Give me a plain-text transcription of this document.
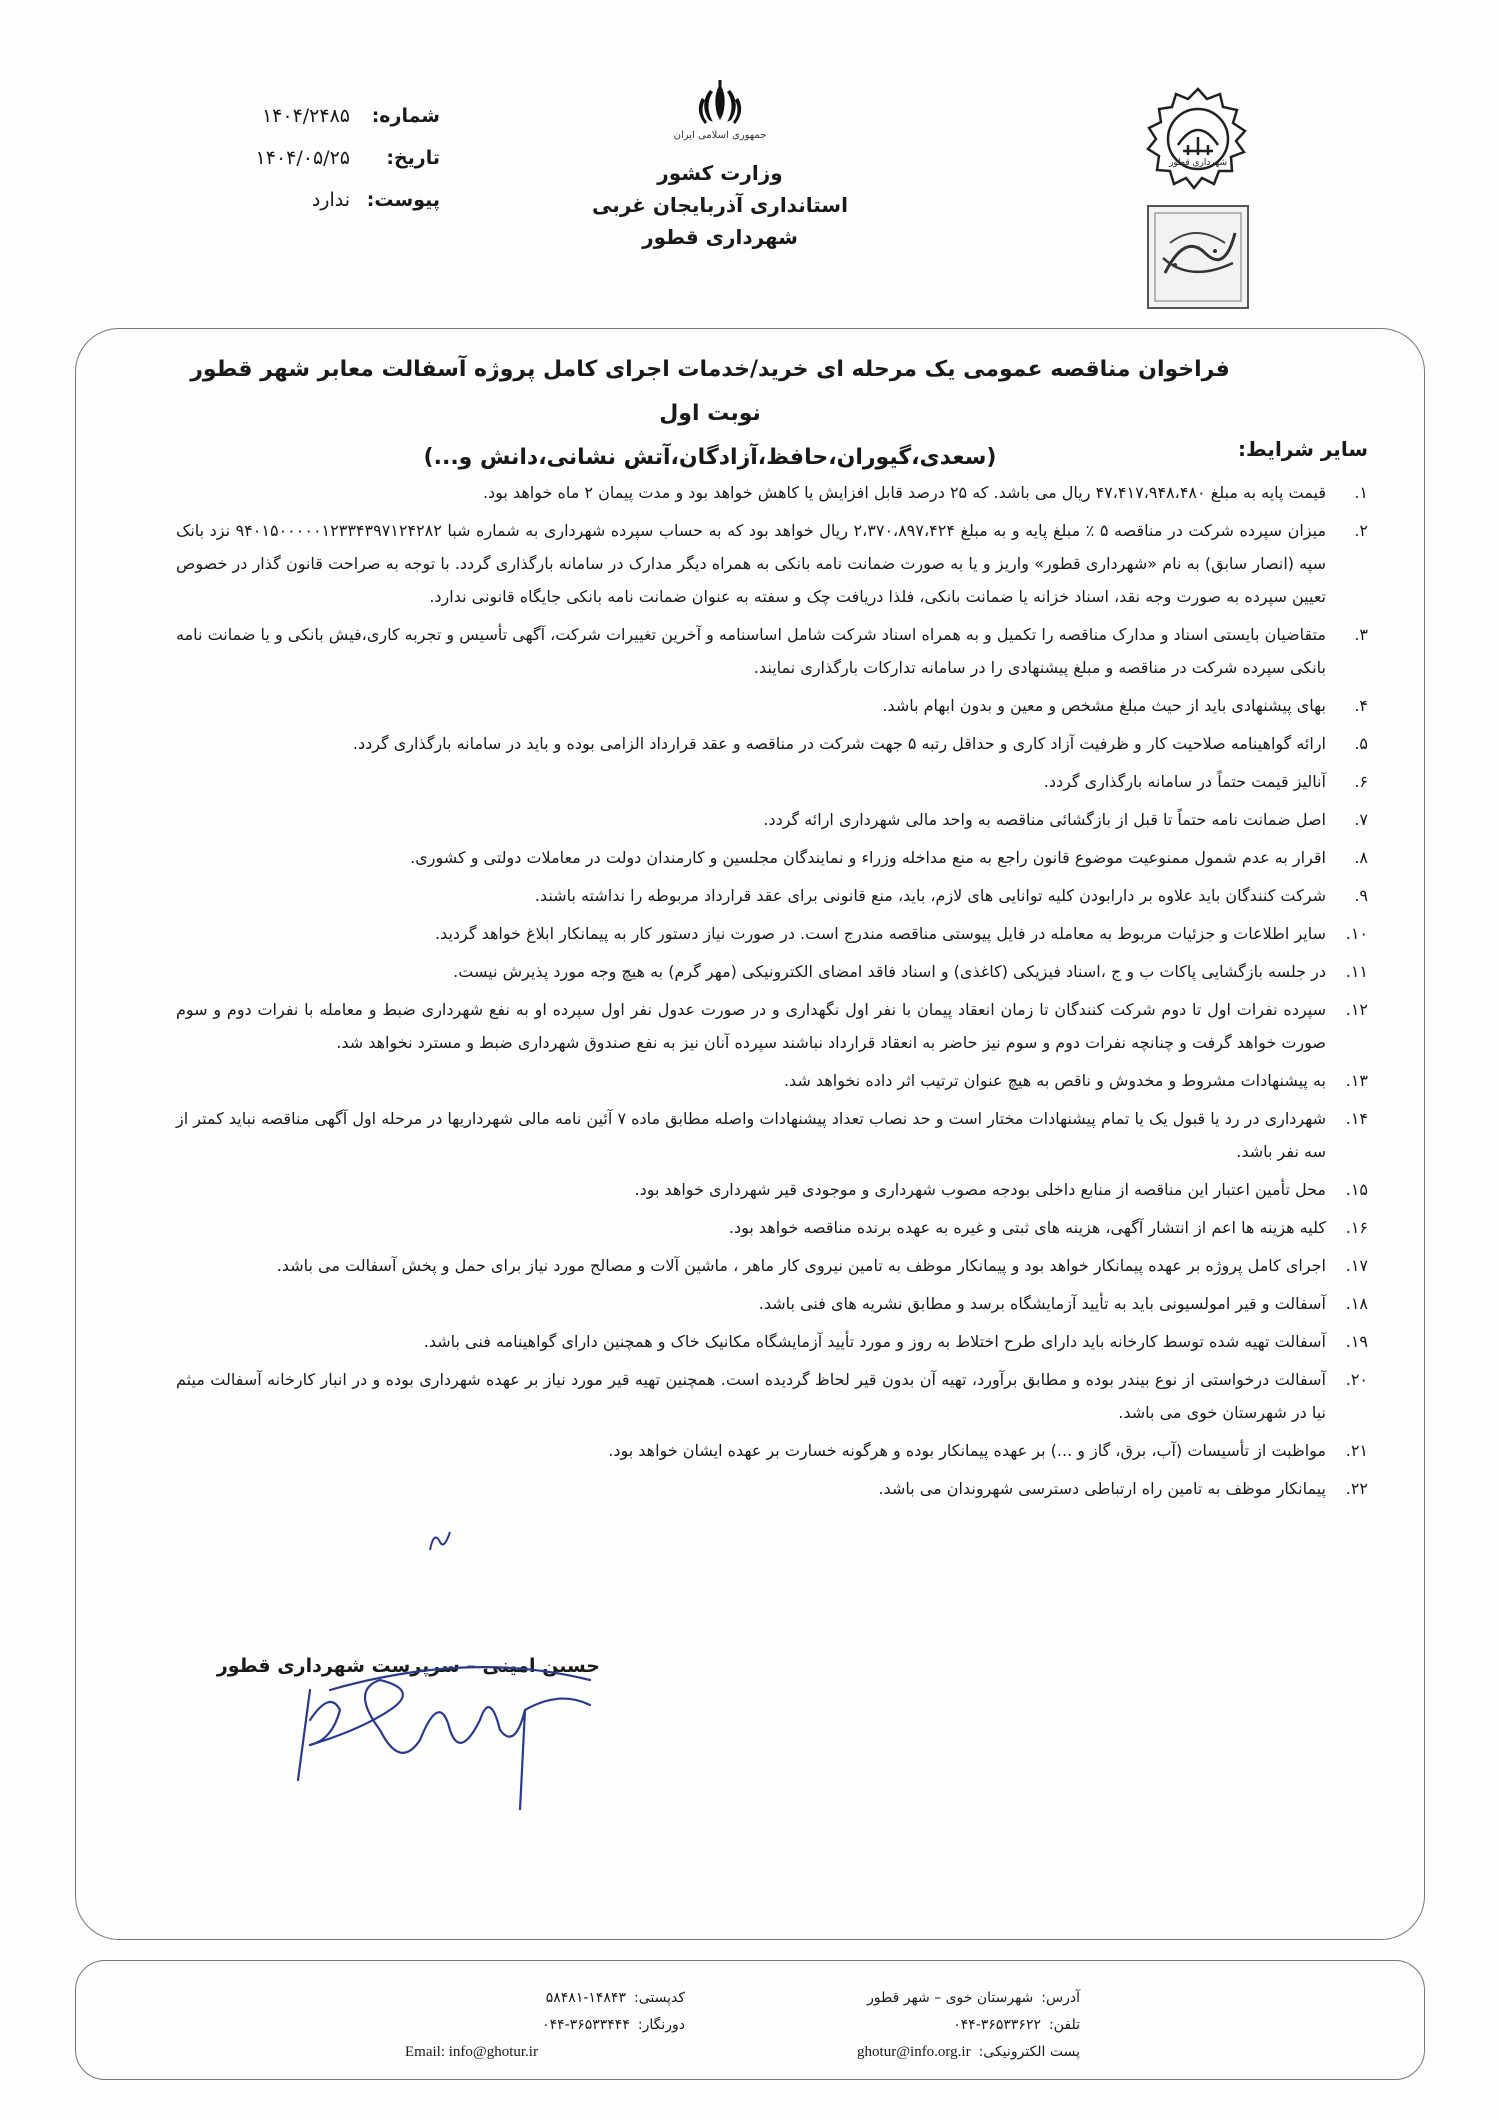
شهرداری قطور
جمهوری اسلامی ایران
وزارت کشور
استانداری آذربایجان غربی
شهرداری قطور
شماره:
۱۴۰۴/۲۴۸۵
تاریخ:
۱۴۰۴/۰۵/۲۵
پیوست:
ندارد
فراخوان مناقصه عمومی یک مرحله ای خرید/خدمات اجرای کامل پروژه آسفالت معابر شهر قطور نوبت اول
(سعدی،گیوران،حافظ،آزادگان،آتش نشانی،دانش و...)	سایر شرایط:
۱.
قیمت پایه به مبلغ ۴۷،۴۱۷،۹۴۸،۴۸۰ ریال می باشد. که ۲۵ درصد قابل افزایش یا کاهش خواهد بود و مدت پیمان ۲ ماه خواهد بود.
۲.
میزان سپرده شرکت در مناقصه ۵ ٪ مبلغ پایه و به مبلغ ۲،۳۷۰،۸۹۷،۴۲۴ ریال خواهد بود که به حساب سپرده شهرداری به شماره شبا ۹۴۰۱۵۰۰۰۰۰۱۲۳۳۴۳۹۷۱۲۴۲۸۲ نزد بانک سپه (انصار سابق) به نام «شهرداری قطور» واریز و یا به صورت ضمانت نامه بانکی به همراه دیگر مدارک در سامانه بارگذاری گردد. با توجه به صراحت قانون گذار در خصوص تعیین سپرده به صورت وجه نقد، اسناد خزانه یا ضمانت بانکی، فلذا دریافت چک و سفته به عنوان ضمانت نامه بانکی جایگاه قانونی ندارد.
۳.
متقاضیان بایستی اسناد و مدارک مناقصه را تکمیل و به همراه اسناد شرکت شامل اساسنامه و آخرین تغییرات شرکت، آگهی تأسیس و تجربه کاری،فیش بانکی و یا ضمانت نامه بانکی سپرده شرکت در مناقصه و مبلغ پیشنهادی را در سامانه تدارکات بارگذاری نمایند.
۴.
بهای پیشنهادی باید از حیث مبلغ مشخص و معین و بدون ابهام باشد.
۵.
ارائه گواهینامه صلاحیت کار و ظرفیت آزاد کاری و حداقل رتبه ۵ جهت شرکت در مناقصه و عقد قرارداد الزامی بوده و باید در سامانه بارگذاری گردد.
۶.
آنالیز قیمت حتماً در سامانه بارگذاری گردد.
۷.
اصل ضمانت نامه حتماً تا قبل از بازگشائی مناقصه به واحد مالی شهرداری ارائه گردد.
۸.
اقرار به عدم شمول ممنوعیت موضوع قانون راجع به منع مداخله وزراء و نمایندگان مجلسین و کارمندان دولت در معاملات دولتی و کشوری.
۹.
شرکت کنندگان باید علاوه بر دارابودن کلیه توانایی های لازم، باید، منع قانونی برای عقد قرارداد مربوطه را نداشته باشند.
۱۰.
سایر اطلاعات و جزئیات مربوط به معامله در فایل پیوستی مناقصه مندرج است. در صورت نیاز دستور کار به پیمانکار ابلاغ خواهد گردید.
۱۱.
در جلسه بازگشایی پاکات ب و ج ،اسناد فیزیکی (کاغذی) و اسناد فاقد امضای الکترونیکی (مهر گرم) به هیچ وجه مورد پذیرش نیست.
۱۲.
سپرده نفرات اول تا دوم شرکت کنندگان تا زمان انعقاد پیمان با نفر اول نگهداری و در صورت عدول نفر اول سپرده او به نفع شهرداری ضبط و معامله با نفرات دوم و سوم صورت خواهد گرفت و چنانچه نفرات دوم و سوم نیز حاضر به انعقاد قرارداد نباشند سپرده آنان نیز به نفع صندوق شهرداری ضبط و مسترد نخواهد شد.
۱۳.
به پیشنهادات مشروط و مخدوش و ناقص به هیچ عنوان ترتیب اثر داده نخواهد شد.
۱۴.
شهرداری در رد یا قبول یک یا تمام پیشنهادات مختار است و حد نصاب تعداد پیشنهادات واصله مطابق ماده ۷ آئین نامه مالی شهرداریها در مرحله اول آگهی مناقصه نباید کمتر از سه نفر باشد.
۱۵.
محل تأمین اعتبار این مناقصه از منابع داخلی بودجه مصوب شهرداری و موجودی قیر شهرداری خواهد بود.
۱۶.
کلیه هزینه ها اعم از انتشار آگهی، هزینه های ثبتی و غیره به عهده برنده مناقصه خواهد بود.
۱۷.
اجرای کامل پروژه بر عهده پیمانکار خواهد بود و پیمانکار موظف به تامین نیروی کار ماهر ، ماشین آلات و مصالح مورد نیاز برای حمل و پخش آسفالت می باشد.
۱۸.
آسفالت و قیر امولسیونی باید به تأیید آزمایشگاه برسد و مطابق نشریه های فنی باشد.
۱۹.
آسفالت تهیه شده توسط کارخانه باید دارای طرح اختلاط به روز و مورد تأیید آزمایشگاه مکانیک خاک و همچنین دارای گواهینامه فنی باشد.
۲۰.
آسفالت درخواستی از نوع بیندر بوده و مطابق برآورد، تهیه آن بدون قیر لحاظ گردیده است. همچنین تهیه قیر مورد نیاز بر عهده شهرداری بوده و در انبار کارخانه آسفالت میثم نیا در شهرستان خوی می باشد.
۲۱.
مواظبت از تأسیسات (آب، برق، گاز و ...) بر عهده پیمانکار بوده و هرگونه خسارت بر عهده ایشان خواهد بود.
۲۲.
پیمانکار موظف به تامین راه ارتباطی دسترسی شهروندان می باشد.
حسین امینی – سرپرست شهرداری قطور
آدرس:
شهرستان خوی – شهر قطور
تلفن:
۰۴۴-۳۶۵۳۳۶۲۲
پست الکترونیکی:
ghotur@info.org.ir
کدپستی:
۵۸۴۸۱-۱۴۸۴۳
دورنگار:
۰۴۴-۳۶۵۳۳۴۴۴
Email: info@ghotur.ir
